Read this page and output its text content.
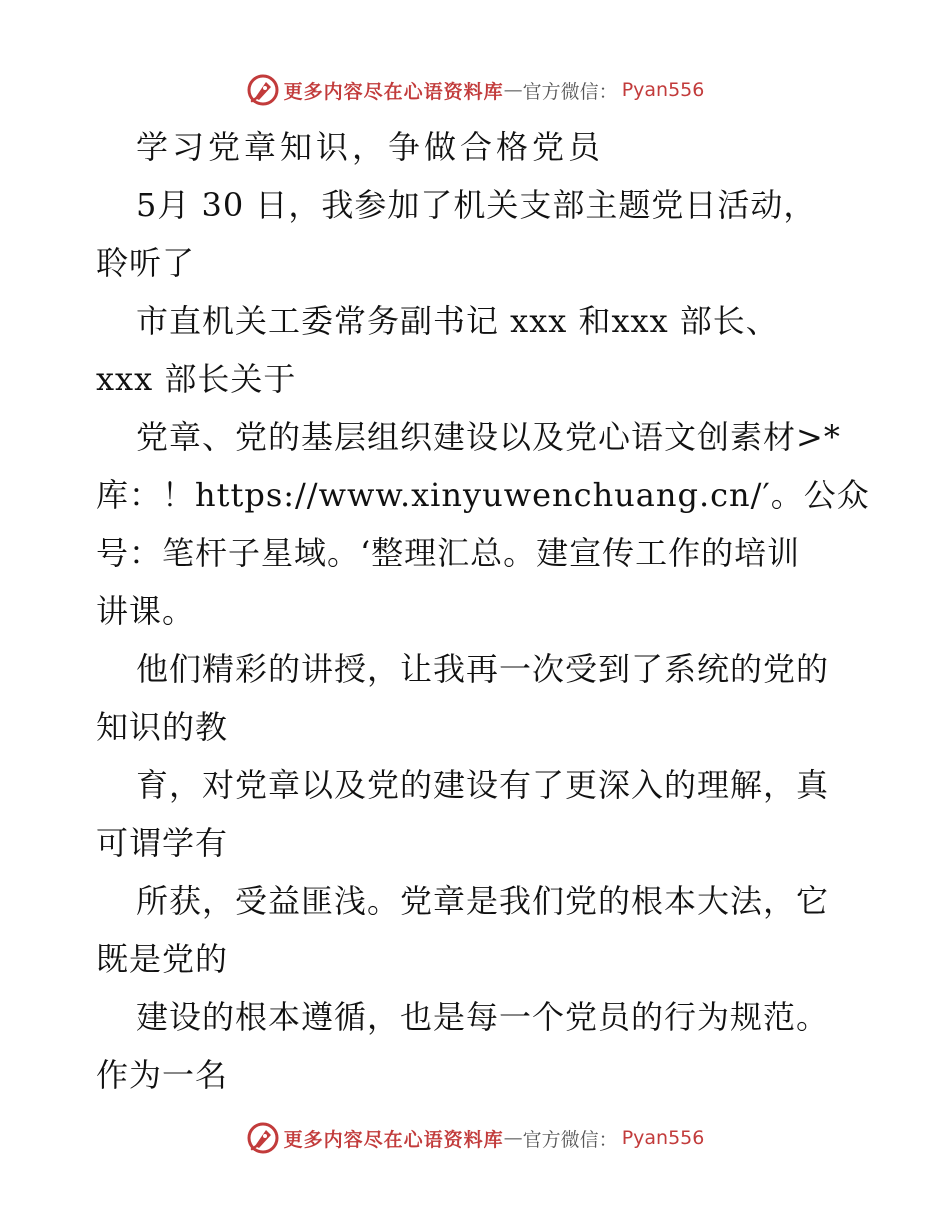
更多内容尽在心语资料库 — 官方微信： Pyan556
学习党章知识，争做合格党员
5月 30 日，我参加了机关支部主题党日活动，
聆听了
市直机关工委常务副书记 xxx 和xxx 部长、
xxx 部长关于
党章、党的基层组织建设以及党心语文创素材>*
库：！https://www.xinyuwenchuang.cn/′。公众
号：笔杆子星域。‘整理汇总。建宣传工作的培训
讲课。
他们精彩的讲授，让我再一次受到了系统的党的
知识的教
育，对党章以及党的建设有了更深入的理解，真
可谓学有
所获，受益匪浅。党章是我们党的根本大法，它
既是党的
建设的根本遵循，也是每一个党员的行为规范。
作为一名
更多内容尽在心语资料库 — 官方微信： Pyan556
